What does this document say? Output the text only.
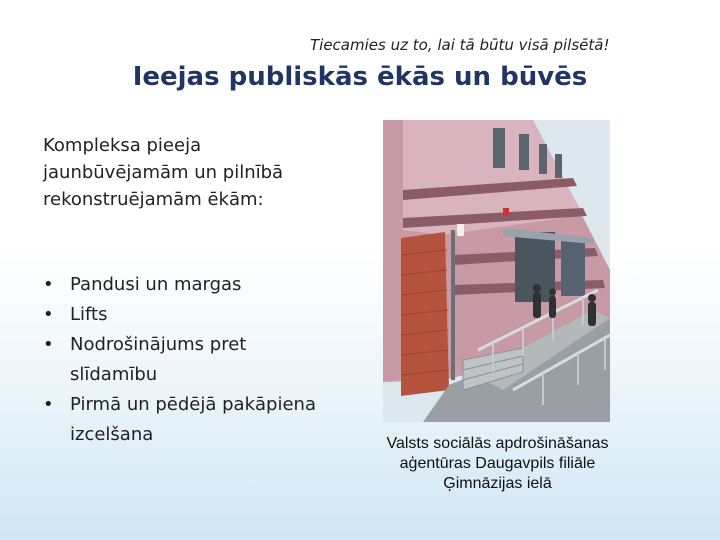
Tiecamies uz to, lai tā būtu visā pilsētā!
Ieejas publiskās ēkās un būvēs
Kompleksa pieeja
jaunbūvējamām un pilnībā
rekonstruējamām ēkām:
• Pandusi un margas
• Lifts
• Nodrošinājums pret
slīdamību
• Pirmā un pēdējā pakāpiena
izcelšana	Valsts sociālās apdrošināšanas
aģentūras Daugavpils filiāle
Ģimnāzijas ielā
